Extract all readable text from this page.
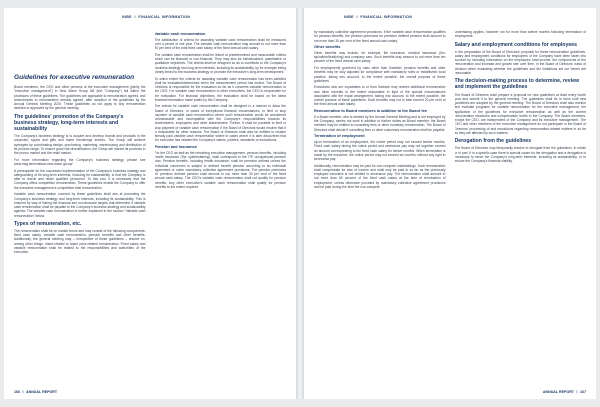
NIBE // FINANCIAL INFORMATION
Guidelines for executive remuneration

Board members, the CEO and other persons of the executive management (jointly the "executive management") in New Wave Group AB (the "Company") fall within the provisions of these guidelines. The guidelines are applicable to remuneration agreed, and amendments to remuneration already agreed, after adoption of the guidelines by the Annual General Meeting 2020. These guidelines do not apply to any remuneration decided or approved by the general meeting.

The guidelines' promotion of the Company's business strategy, long-term interests and sustainability

The Company's business strategy is to acquire and develop brands and products in the corporate, sports and gifts and home furnishings sectors. The Group will achieve synergies by coordinating design, purchasing, marketing, warehousing and distribution of its product range. To ensure good risk diversification, the Group will market its products in the promo market and the retail market.

For more information regarding the Company's business strategy, please see www.nwg.se/en/about-new-wave-group/.

A prerequisite for the successful implementation of the Company's business strategy and safeguarding of its long-term interests, including its sustainability, is that the Company is able to recruit and retain qualified personnel. To this end, it is necessary that the Company offers competitive remuneration. These guidelines enable the Company to offer the executive management a competitive total remuneration.

Variable cash remuneration covered by these guidelines shall aim at promoting the Company's business strategy and long-term interests, including its sustainability. This is ensured by way of linking the financial and non-financial targets that determine if variable cash remuneration shall be payable to the Company's business strategy and sustainability agenda. The variable cash remuneration is further explained in the section "Variable cash remuneration" below.

Types of remuneration, etc.

The remuneration shall be on market terms and may consist of the following components: fixed cash salary, variable cash remuneration, pension benefits and other benefits. Additionally, the general meeting may – irrespective of these guidelines – resolve on, among other things, share-related or share price-related remuneration. Fixed salary and variable remuneration shall be related to the responsibilities and authorities of the executive.

Variable cash remuneration

The satisfaction of criteria for awarding variable cash remuneration shall be measured over a period of one year. The variable cash remuneration may amount to not more than 50 per cent of the total fixed cash salary of the fixed annual cash salary.

The variable cash remuneration shall be linked to predetermined and measurable criteria which can be financial or non-financial. They may also be individualized, quantitative or qualitative objectives. The criteria shall be designed so as to contribute to the Company's business strategy and long-term interests, including its sustainability, by for example being clearly linked to the business strategy or promote the executive's long-term development.

To which extent the criteria for awarding variable cash remuneration has been satisfied shall be evaluated/determined when the measurement period has ended. The Board of Directors is responsible for the evaluation so far as it concerns variable remuneration to the CEO. For variable cash remuneration to other executives, the CEO is responsible for the evaluation. For financial objectives, the evaluation shall be based on the latest financial information made public by the Company.

The criteria for variable cash remuneration shall be designed in a manner to allow the Board of Directors, in cases of exceptional financial circumstances, to limit or stop payment of variable cash remuneration where such remuneration would be considered unreasonable and incompatible with the Company's responsibilities towards its shareholders, employees and other stakeholders. Further, it shall be possible to limit or stop payment of variable cash remuneration if the Board of Directors would resolve that it is reasonable for other reasons. The Board of Directors shall also be entitled to reclaim already paid variable cash remuneration where in cases where it is later discovered that the executive has violated the Company's values, policies, standards or instructions.

Pension and insurance

For the CEO as well as the remaining executive management, pension benefits, including health insurance (Sw: sjukförsäkring), shall correspond to the ITP occupational pension plan. Pension benefits, including health insurance, shall be premium defined unless the individual concerned is subject to defined benefit pension according to an individual agreement or under mandatory collective agreement provisions. The pension premiums for premium defined pension shall amount to not more than 30 per cent of the fixed annual cash salary. The CEO's variable cash remuneration shall not qualify for pension benefits. Any other executive's variable cash remuneration shall qualify for pension benefits to the extent required

166 // ANNUAL REPORT
NIBE // FINANCIAL INFORMATION

by mandatory collective agreement provisions. If the variable cash remuneration qualifies for pension benefits, the pension premiums for premium defined pension shall amount to not more than 30 per cent of the fixed annual cash salary.

Other benefits

Other benefits may include, for example, life insurance, medical insurance (Sw: sjukvårdsförsäkring) and company cars. Such benefits may amount to not more than ten percent of the fixed annual cash salary.

For employments governed by rules other than Swedish, pension benefits and other benefits may be duly adjusted for compliance with mandatory rules or established local practice, taking into account, to the extent possible, the overall purpose of these guidelines.

Executives who are expatriates to or from Sweden may receive additional remuneration and other benefits to the extent reasonable in light of the special circumstances associated with the expat arrangement, taking into account, to the extent possible, the overall purpose of these guidelines. Such benefits may not in total exceed 20 per cent of the fixed annual cash salary.

Remuneration to Board members in addition to the Board fee

If a Board member, who is elected by the Annual General Meeting and is not employed by the Company, carries out work in addition to his/her duties as Board member, the Board member may be entitled to consulting fees or other monetary remuneration. The Board of Directors shall decide if consulting fees or other customary remuneration shall be payable.

Termination of employment

Upon termination of an employment, the notice period may not exceed twelve months. Fixed cash salary during the notice period and severance pay may not together exceed an amount corresponding to the fixed cash salary for twelve months. When termination is made by the executive, the notice period may not exceed six months, without any right to severance pay.

Additionally, remuneration may be paid for non-compete undertakings. Such remuneration shall compensate for loss of income and shall only be paid in so far as the previously employed executive is not entitled to severance pay. The remuneration shall amount to not more than 60 percent of the fixed cash salary at the time of termination of employment, unless otherwise provided by mandatory collective agreement provisions and be paid during the time the non-compete

undertaking applies, however not for more than twelve months following termination of employment.

Salary and employment conditions for employees

In the preparation of the Board of Directors' proposal for these remuneration guidelines, salary and employment conditions for employees of the Company have been taken into account by including information on the employees' total income, the components of the remuneration and increase and growth rate over time, in the Board of Directors' basis of decision when evaluating whether the guidelines and the limitations set out herein are reasonable.

The decision-making process to determine, review and implement the guidelines

The Board of Directors shall prepare a proposal for new guidelines at least every fourth year and submit it to the general meeting. The guidelines shall be in force until new guidelines are adopted by the general meeting. The Board of Directors shall also monitor and evaluate programs for variable remuneration for the executive management, the application of the guidelines for executive remuneration as well as the current remuneration structures and compensation levels in the Company. The Board members, except the CEO, are independent of the Company and its executive management. The CEO and other members of the executive management do not participate in the Board of Directors' processing of and resolutions regarding remuneration-related matters in so far as they are affected by such matters.

Derogation from the guidelines

The Board of Directors may temporarily resolve to derogate from the guidelines, in whole or in part, if in a specific case there is special cause for the derogation and a derogation is necessary to serve the Company's long-term interests, including its sustainability, or to ensure the Company's financial viability.

ANNUAL REPORT // 167
